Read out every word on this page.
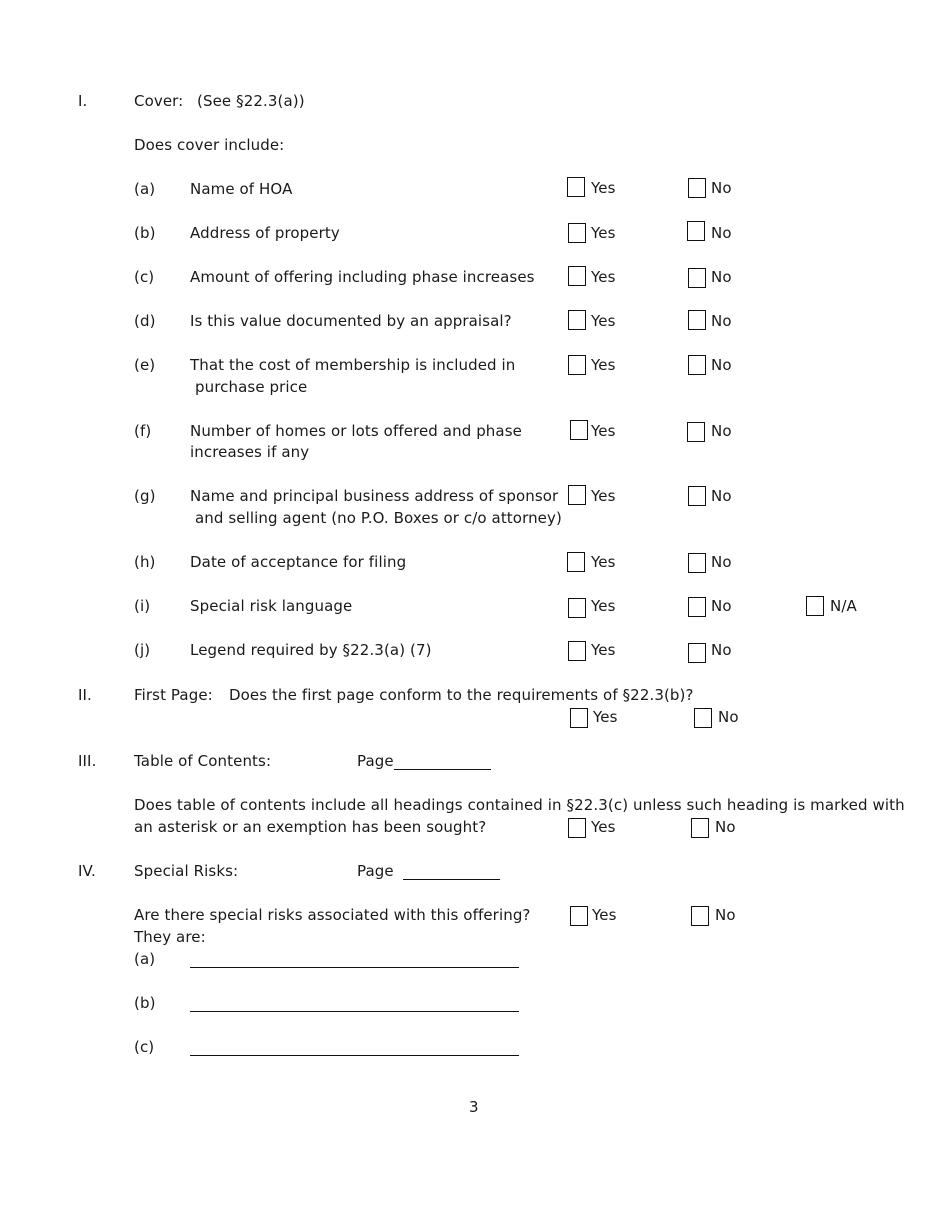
I.	Cover: (See §22.3(a))
Does cover include:
(a) Name of HOA	Yes	No
(b) Address of property	Yes	No
(c) Amount of offering including phase increases	Yes	No
(d) Is this value documented by an appraisal?	Yes	No
(e) That the cost of membership is included in
purchase price
Yes	No
(f)	Number of homes or lots offered and phase
increases if any
Yes	No
(g) Name and principal business address of sponsor
and selling agent (no P.O. Boxes or c/o attorney)
Yes	No
(h) Date of acceptance for filing	Yes	No
(i)	Special risk language	Yes	No	N/A
(j)	Legend required by §22.3(a) (7)	Yes	No
II.	First Page: Does the first page conform to the requirements of §22.3(b)?
Yes	No
III.	Table of Contents:	Page
Does table of contents include all headings contained in §22.3(c) unless such heading is marked with
an asterisk or an exemption has been sought?	Yes	No
IV.	Special Risks:	Page
Are there special risks associated with this offering?	Yes	No
They are:
(a)
(b)
(c)
3
